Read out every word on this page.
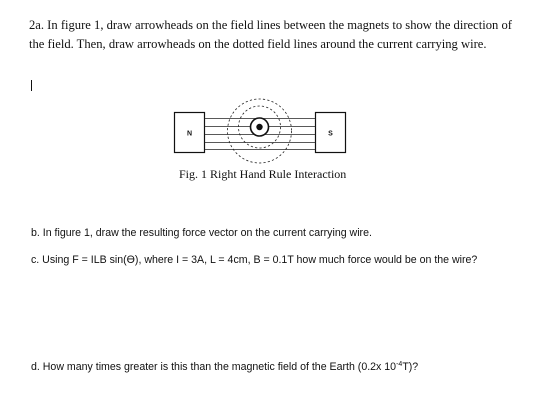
2a. In figure 1, draw arrowheads on the field lines between the magnets to show the direction of the field. Then, draw arrowheads on the dotted field lines around the current carrying wire.
N	S
Fig. 1 Right Hand Rule Interaction
b. In figure 1, draw the resulting force vector on the current carrying wire.
c. Using F = ILB sin(ϴ), where I = 3A, L = 4cm, B = 0.1T how much force would be on the wire?
d. How many times greater is this than the magnetic field of the Earth (0.2x $10^{-4}T$)?
